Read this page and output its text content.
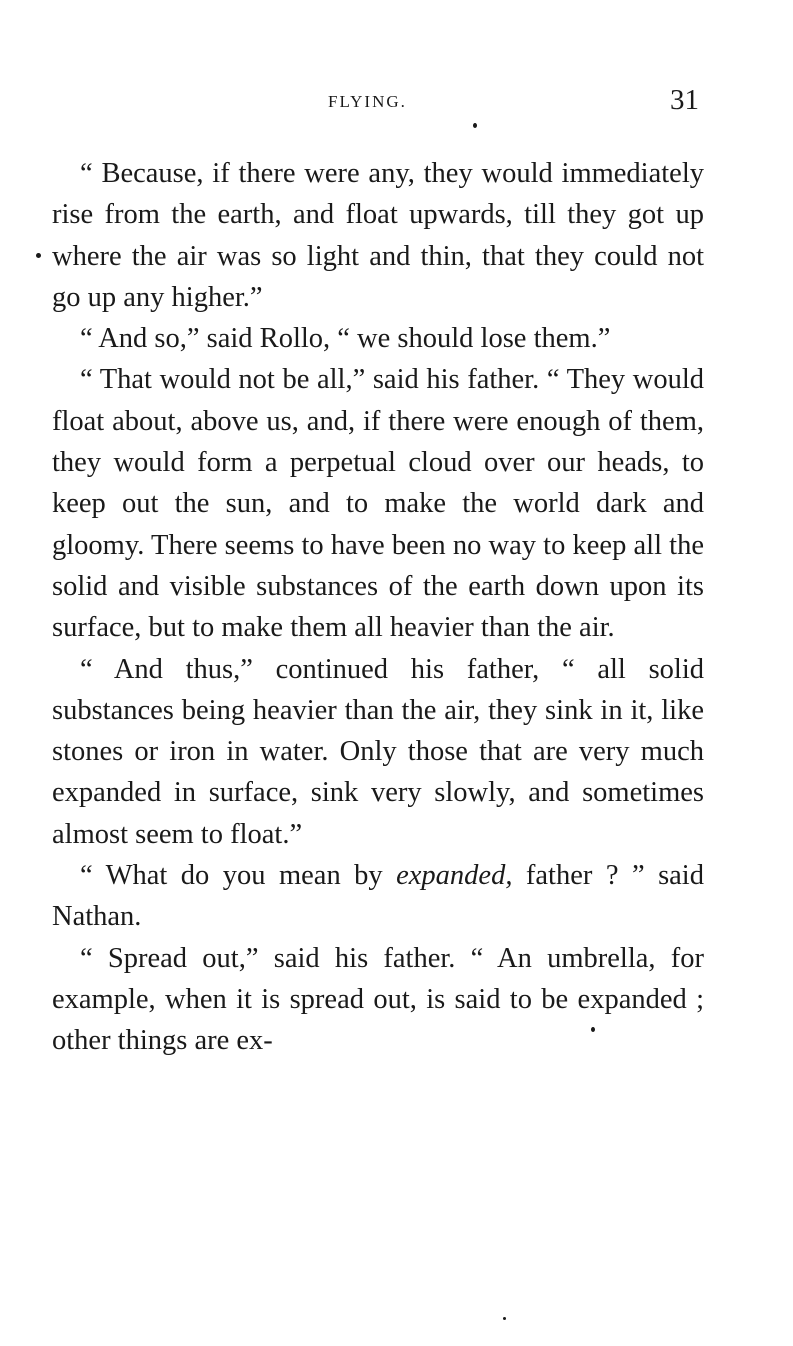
FLYING.	31

“ Because, if there were any, they would immediately rise from the earth, and float upwards, till they got up where the air was so light and thin, that they could not go up any higher.”

“ And so,” said Rollo, “ we should lose them.”

“ That would not be all,” said his father. “ They would float about, above us, and, if there were enough of them, they would form a perpetual cloud over our heads, to keep out the sun, and to make the world dark and gloomy. There seems to have been no way to keep all the solid and visible substances of the earth down upon its surface, but to make them all heavier than the air.

“ And thus,” continued his father, “ all solid substances being heavier than the air, they sink in it, like stones or iron in water. Only those that are very much expanded in surface, sink very slowly, and sometimes almost seem to float.”

“ What do you mean by expanded, father ? ” said Nathan.

“ Spread out,” said his father. “ An umbrella, for example, when it is spread out, is said to be expanded ; other things are ex-
